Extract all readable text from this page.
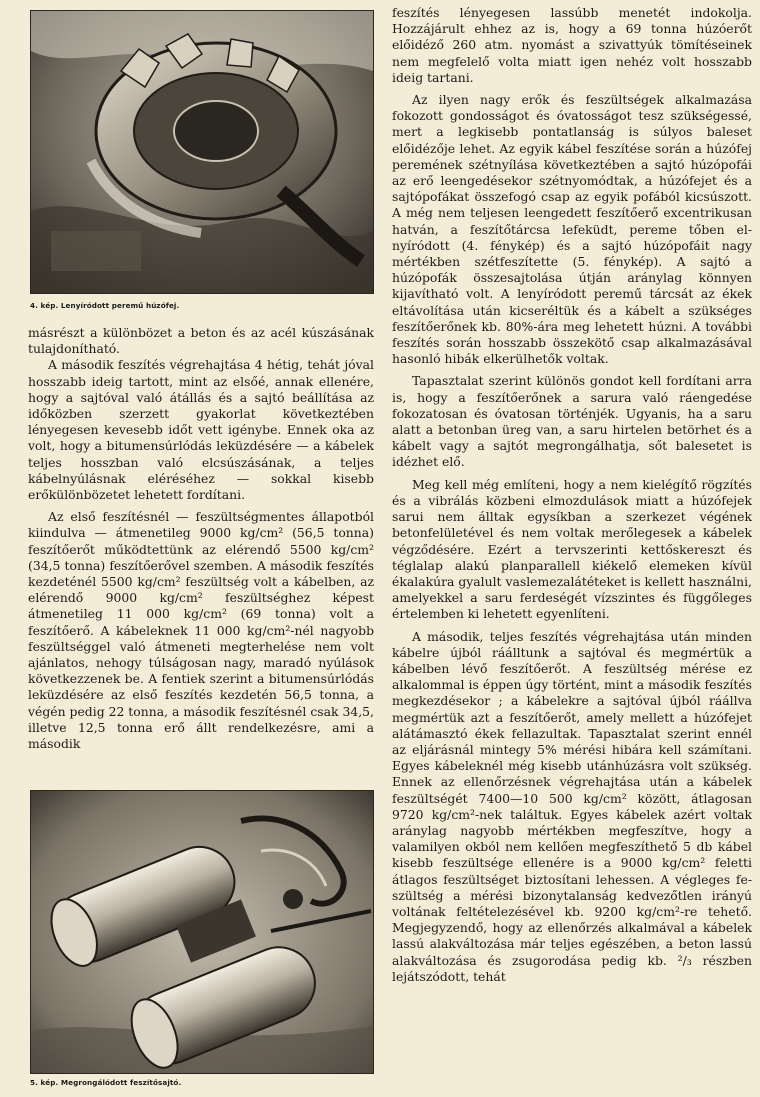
4. kép. Lenyíródott peremű húzófej.

másrészt a különbözet a beton és az acél kúszásának tulajdonítható.

A második feszítés végrehajtása 4 hétig, tehát jóval hosszabb ideig tartott, mint az elsőé, annak ellenére, hogy a sajtóval való átállás és a sajtó beállítása az időközben szerzett gyakorlat következtében lényegesen kevesebb időt vett igénybe. Ennek oka az volt, hogy a bitumensúrlódás leküzdésére — a kábelek teljes hosszban való elcsúszásának, a teljes kábelnyúlásnak eléréséhez — sokkal kisebb erőkülönbözetet lehetett fordítani.

Az első feszítésnél — feszültségmentes állapotból kiindulva — átmenetileg 9000 kg/cm² (56,5 tonna) feszítőerőt működtettünk az elérendő 5500 kg/cm² (34,5 tonna) feszítőerővel szemben. A második feszítés kezdeténél 5500 kg/cm² feszültség volt a kábelben, az elérendő 9000 kg/cm² feszültséghez képest átmenetileg 11 000 kg/cm² (69 tonna) volt a feszítőerő. A kábeleknek 11 000 kg/cm²-nél nagyobb feszültséggel való átmeneti megterhelése nem volt ajánlatos, nehogy túlságosan nagy, maradó nyúlások következzenek be. A fentiek szerint a bitumensúrlódás leküzdésére az első feszítés kezdetén 56,5 tonna, a végén pedig 22 tonna, a második feszítésnél csak 34,5, illetve 12,5 tonna erő állt rendelkezésre, ami a második

5. kép. Megrongálódott feszítősajtó.

feszítés lényegesen lassúbb menetét indokolja. Hozzájárult ehhez az is, hogy a 69 tonna húzóerőt előidéző 260 atm. nyomást a szivattyúk tömítéseinek nem megfelelő volta miatt igen nehéz volt hosszabb ideig tartani.

Az ilyen nagy erők és feszültségek alkalmazása fokozott gondosságot és óvatosságot tesz szükségessé, mert a legkisebb pontatlanság is súlyos baleset előidézője lehet. Az egyik kábel feszítése során a húzófej peremének szétnyílása következtében a sajtó húzópofái az erő leengedésekor szétnyomódtak, a húzófejet és a sajtópofákat összefogó csap az egyik pofából kicsúszott. A még nem teljesen leengedett feszítőerő excentrikusan hatván, a feszítőtárcsa lefeküdt, pereme tőben elnyíródott (4. fénykép) és a sajtó húzópofáit nagy mértékben szétfeszítette (5. fénykép). A sajtó a húzópofák összesajtolása útján aránylag könnyen kijavítható volt. A lenyíródott peremű tárcsát az ékek eltávolítása után kicseréltük és a kábelt a szükséges feszítőerőnek kb. 80%-ára meg lehetett húzni. A további feszítés során hosszabb összekötő csap alkalmazásával hasonló hibák elkerülhetők voltak.

Tapasztalat szerint különös gondot kell fordítani arra is, hogy a feszítőerőnek a sarura való ráengedése fokozatosan és óvatosan történjék. Ugyanis, ha a saru alatt a betonban üreg van, a saru hirtelen betörhet és a kábelt vagy a sajtót megrongálhatja, sőt balesetet is idézhet elő.

Meg kell még említeni, hogy a nem kielégítő rögzítés és a vibrálás közbeni elmozdulások miatt a húzófejek sarui nem álltak egysíkban a szerkezet végének betonfelületével és nem voltak merőlegesek a kábelek végződésére. Ezért a tervszerinti kettőskereszt és téglalap alakú planparallell kiékelő elemeken kívül ékalakúra gyalult vaslemezalátéteket is kellett használni, amelyekkel a saru ferdeségét vízszintes és függőleges értelemben ki lehetett egyenlíteni.

A második, teljes feszítés végrehajtása után minden kábelre újból ráálltunk a sajtóval és megmértük a kábelben lévő feszítőerőt. A feszültség mérése ez alkalommal is éppen úgy történt, mint a második feszítés megkezdésekor ; a kábelekre a sajtóval újból ráállva megmértük azt a feszítőerőt, amely mellett a húzófejet alátámasztó ékek fellazultak. Tapasztalat szerint ennél az eljárásnál mintegy 5% mérési hibára kell számítani. Egyes kábeleknél még kisebb utánhúzásra volt szükség. Ennek az ellenőrzésnek végrehajtása után a kábelek feszültségét 7400—10 500 kg/cm² között, átlagosan 9720 kg/cm²-nek találtuk. Egyes kábelek azért voltak aránylag nagyobb mértékben megfeszítve, hogy a valamilyen okból nem kellően megfeszíthető 5 db kábel kisebb feszültsége ellenére is a 9000 kg/cm² feletti átlagos feszültséget biztosítani lehessen. A végleges feszültség a mérési bizonytalanság kedvezőtlen irányú voltának feltételezésével kb. 9200 kg/cm²-re tehető. Megjegyzendő, hogy az ellenőrzés alkalmával a kábelek lassú alakváltozása már teljes egészében, a beton lassú alakváltozása és zsugorodása pedig kb. ²/₃ részben lejátszódott, tehát
